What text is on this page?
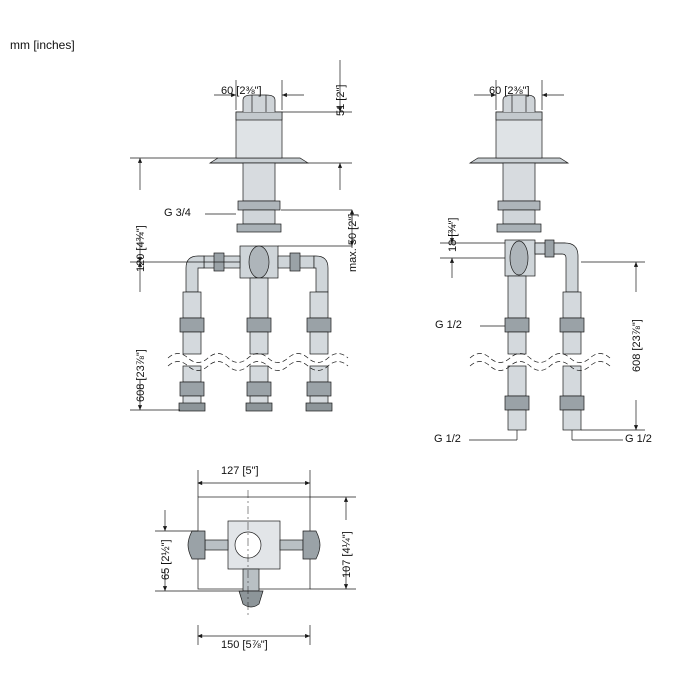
mm [inches]
60 [2⅜"]	51 [2"]
120 [4¾"]	max. 50 [2"]
608 [23⅞"]
G 3/4
60 [2⅜"]
18 [¾"]
608 [23⅞"]
G 1/2
G 1/2	G 1/2
127 [5"]
65 [2½"]	107 [4¼"]
150 [5⅞"]
